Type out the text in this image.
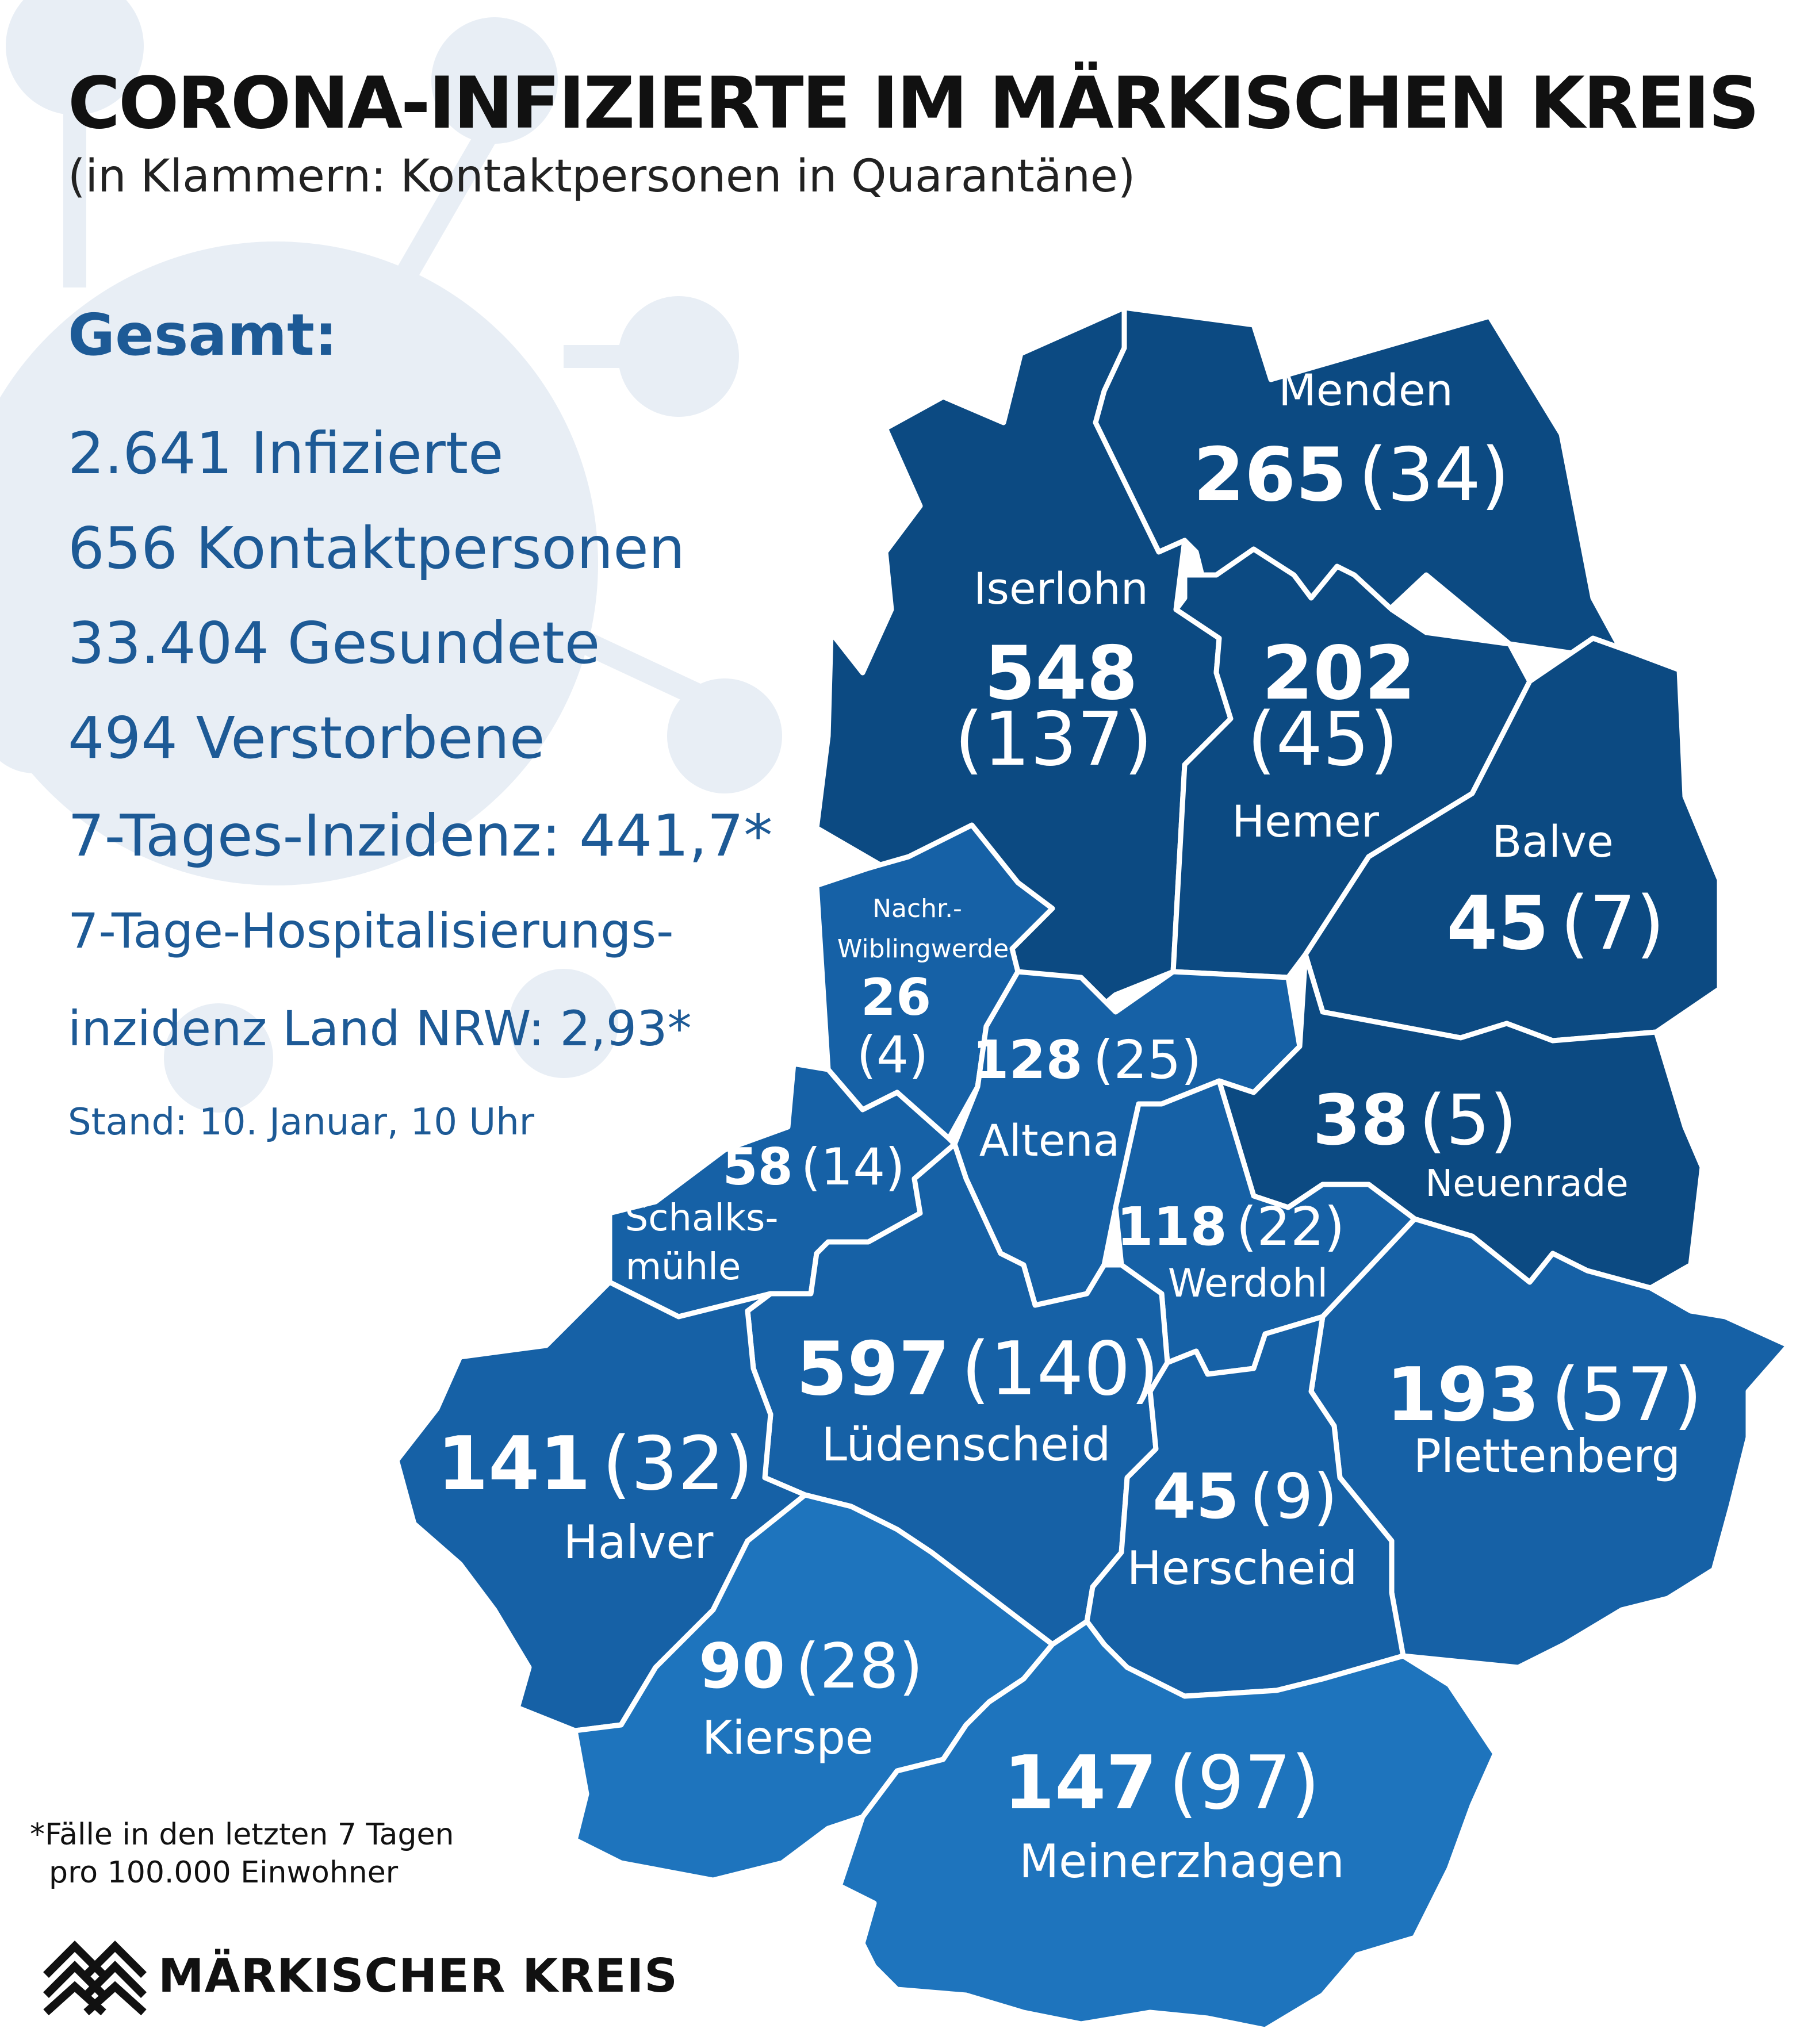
CORONA-INFIZIERTE IM MÄRKISCHEN KREIS
(in Klammern: Kontaktpersonen in Quarantäne)
Gesamt:
2.641 Infizierte
656 Kontaktpersonen
33.404 Gesundete
494 Verstorbene
7-Tages-Inzidenz: 441,7*
7-Tage-Hospitalisierungs-
inzidenz Land NRW: 2,93*
Stand: 10. Januar, 10 Uhr
Menden
265 (34)
Iserlohn
548
(137)
202
(45)
Hemer	Balve
45 (7)
Nachr.-
Wiblingwerde
26
(4) 128 (25)
Altena	38 (5)
Neuenrade
58 (14)
Schalks-
mühle
118 (22)
Werdohl
597 (140)
Lüdenscheid
193 (57)
Plettenberg
141 (32)
Halver
45 (9)
Herscheid
90 (28)
Kierspe
147 (97)
Meinerzhagen
*Fälle in den letzten 7 Tagen
pro 100.000 Einwohner
MÄRKISCHER KREIS
